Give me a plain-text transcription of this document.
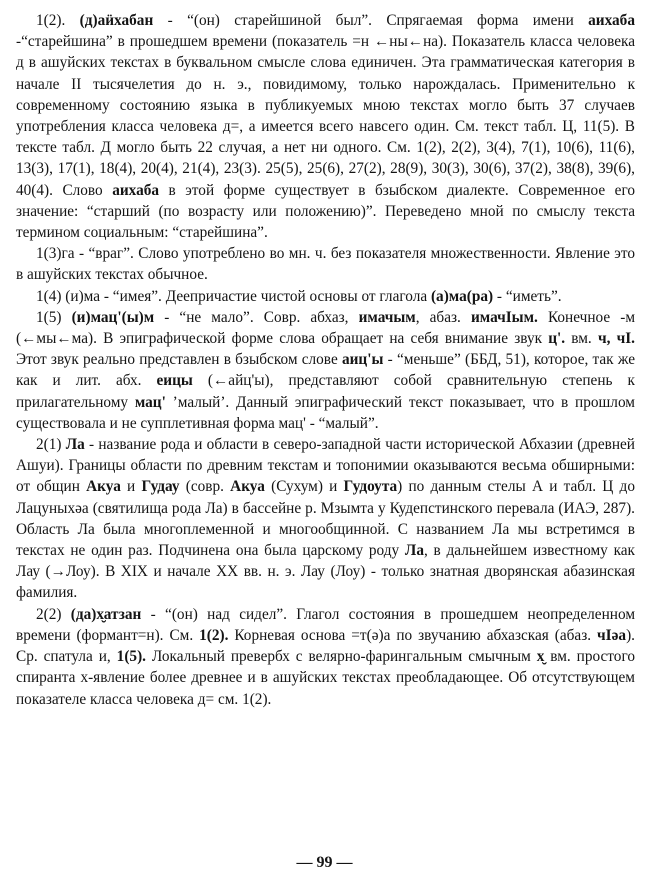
1(2). (д)аӥхабан - “(он) старейшиной был”. Спрягаемая форма имени аихаба -“старейшина” в прошедшем времени (показатель =н ←ны←на). Показатель класса человека д в ашуйских текстах в буквальном смысле слова единичен. Эта грамматическая категория в начале II тысячелетия до н. э., повидимому, только нарождалась. Применительно к современному состоянию языка в публикуемых мною текстах могло быть 37 случаев употребления класса человека д=, а имеется всего навсего один. См. текст табл. Ц, 11(5). В тексте табл. Д могло быть 22 случая, а нет ни одного. См. 1(2), 2(2), 3(4), 7(1), 10(6), 11(6), 13(3), 17(1), 18(4), 20(4), 21(4), 23(3). 25(5), 25(6), 27(2), 28(9), 30(3), 30(6), 37(2), 38(8), 39(6), 40(4). Слово аихаба в этой форме существует в бзыбском диалекте. Современное его значение: “старший (по возрасту или положению)”. Переведено мной по смыслу текста термином социальным: “старейшина”.

1(3)га - “враг”. Слово употреблено во мн. ч. без показателя множественности. Явление это в ашуйских текстах обычное.

1(4) (и)ма - “имея”. Деепричастие чистой основы от глагола (а)ма(ра) - “иметь”.

1(5) (и)мац'(ы)м - “не мало”. Совр. абхаз, имачым, абаз. имачIым. Конечное -м (←мы←ма). В эпиграфической форме слова обращает на себя внимание звук ц'. вм. ч, чI. Этот звук реально представлен в бзыбском слове аиц'ы - “меньше” (ББД, 51), которое, так же как и лит. абх. еицы (←айц'ы), представляют собой сравнительную степень к прилагательному мац' ’малый’. Данный эпиграфический текст показывает, что в прошлом существовала и не супплетивная форма мац' - “малый”.

2(1) Ла - название рода и области в северо-западной части исторической Абхазии (древней Ашуи). Границы области по древним текстам и топонимии оказываются весьма обширными: от общин Акуа и Гудау (совр. Акуа (Сухум) и Гудоута) по данным стелы А и табл. Ц до Лацуныхәа (святилища рода Ла) в бассейне р. Мзымта у Кудепстинского перевала (ИАЭ, 287). Область Ла была многоплеменной и многообщинной. С названием Ла мы встретимся в текстах не один раз. Подчинена она была царскому роду Ла, в дальнейшем известному как Лау (→Лоу). В XIX и начале XX вв. н. э. Лау (Лоу) - только знатная дворянская абазинская фамилия.

2(2) (да)х̮атзан - “(он) над сидел”. Глагол состояния в прошедшем неопределенном времени (формант=н). См. 1(2). Корневая основа =т(ә)а по звучанию абхазская (абаз. чIәа). Ср. спатула и, 1(5). Локальный превербх с велярно-фарингальным смычным х̮ вм. простого спиранта х-явление более древнее и в ашуйских текстах преобладающее. Об отсутствующем показателе класса человека д= см. 1(2).

— 99 —
